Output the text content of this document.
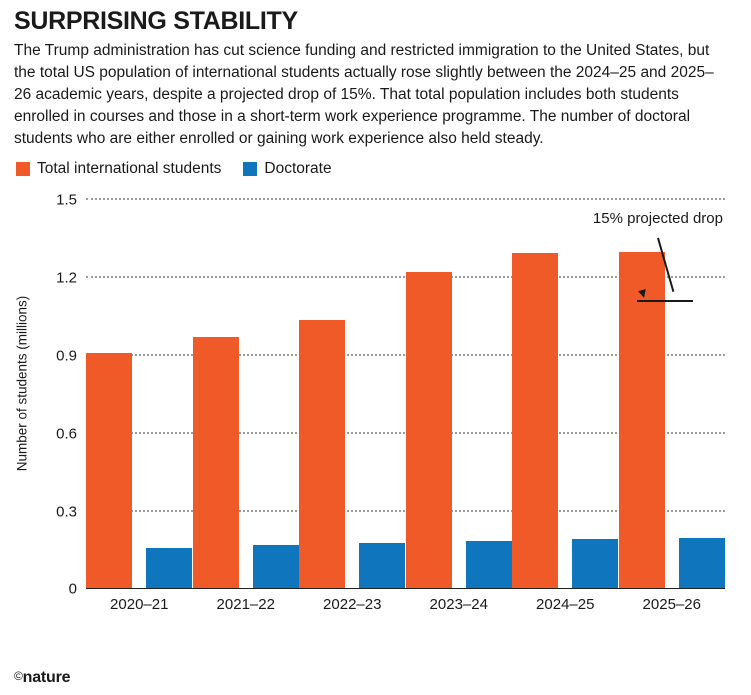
SURPRISING STABILITY

The Trump administration has cut science funding and restricted immigration to the United States, but the total US population of international students actually rose slightly between the 2024–25 and 2025–26 academic years, despite a projected drop of 15%. That total population includes both students enrolled in courses and those in a short-term work experience programme. The number of doctoral students who are either enrolled or gaining work experience also held steady.

Total international students	Doctorate
Number of students (millions)
1.5
1.2
0.9
0.6
0.3
0
15% projected drop
2020–21	2021–22	2022–23	2023–24	2024–25	2025–26
©nature
